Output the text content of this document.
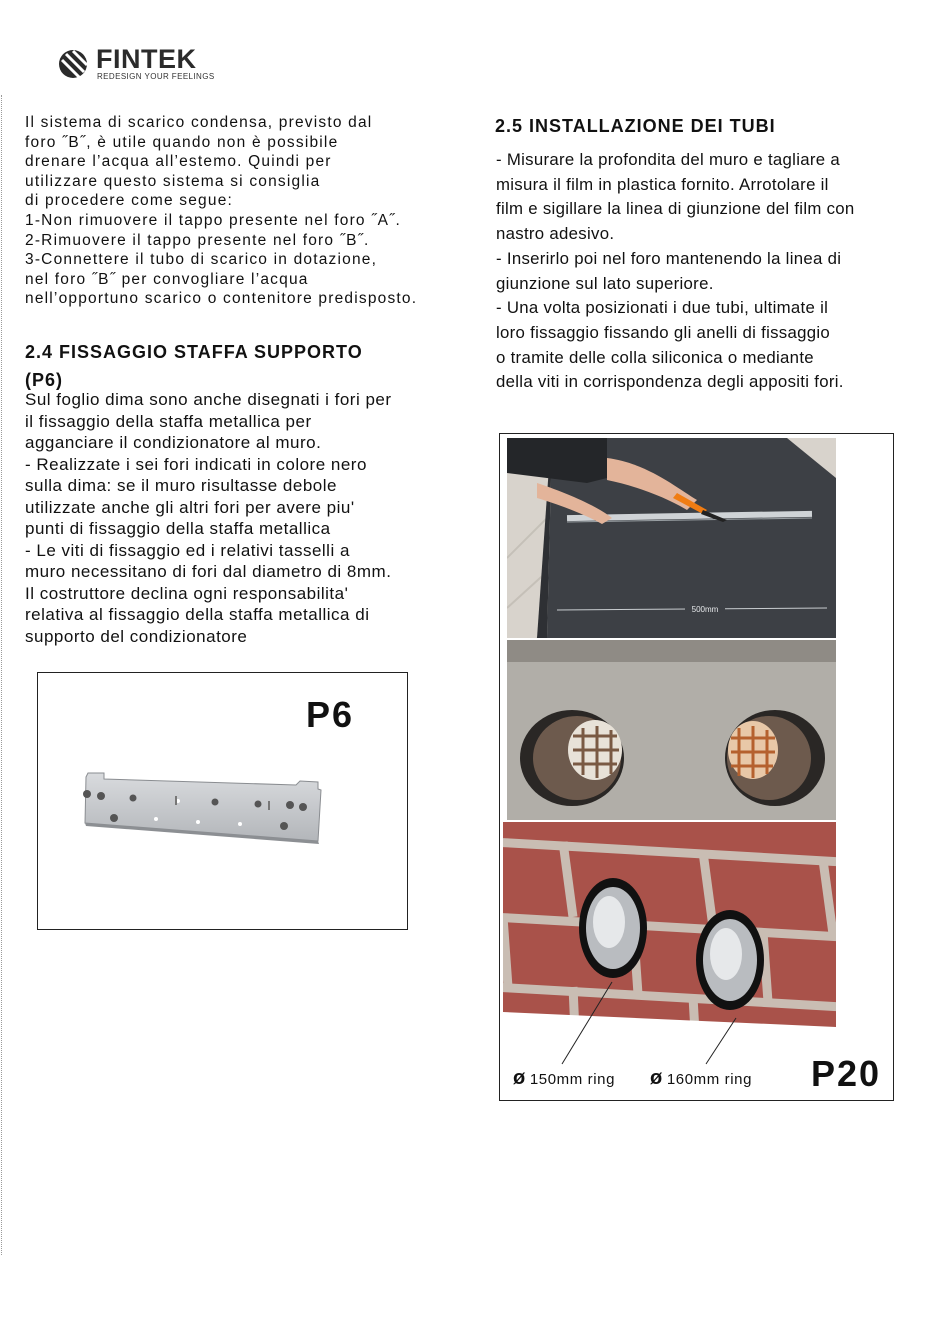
FINTEK
REDESIGN YOUR FEELINGS
Il sistema di scarico condensa, previsto dal
foro ˝B˝, è utile quando non è possibile
drenare l’acqua all’estemo. Quindi per
utilizzare questo sistema si consiglia
di procedere come segue:
1-Non rimuovere il tappo presente nel foro ˝A˝.
2-Rimuovere il tappo presente nel foro ˝B˝.
3-Connettere il tubo di scarico in dotazione,
nel foro ˝B˝ per convogliare l’acqua
nell’opportuno scarico o contenitore predisposto.
2.4 FISSAGGIO STAFFA SUPPORTO
(P6)
Sul foglio dima sono anche disegnati i fori per
il fissaggio della staffa metallica per
agganciare il condizionatore al muro.
- Realizzate i sei fori indicati in colore nero
sulla dima: se il muro risultasse debole
utilizzate anche gli altri fori per avere piu'
punti di fissaggio della staffa metallica
- Le viti di fissaggio ed i relativi tasselli a
muro necessitano di fori dal diametro di 8mm.
Il costruttore declina ogni responsabilita'
relativa al fissaggio della staffa metallica di
supporto del condizionatore
2.5 INSTALLAZIONE DEI TUBI
- Misurare la profondita del muro e tagliare a
misura il film in plastica fornito. Arrotolare il
film e sigillare la linea di giunzione del film con
nastro adesivo.
- Inserirlo poi nel foro mantenendo la linea di
giunzione sul lato superiore.
- Una volta posizionati i due tubi, ultimate il
loro fissaggio fissando gli anelli di fissaggio
o tramite delle colla siliconica o mediante
della viti in corrispondenza degli appositi fori.
P6
500mm
ø 150mm ring ø 160mm ring P20
